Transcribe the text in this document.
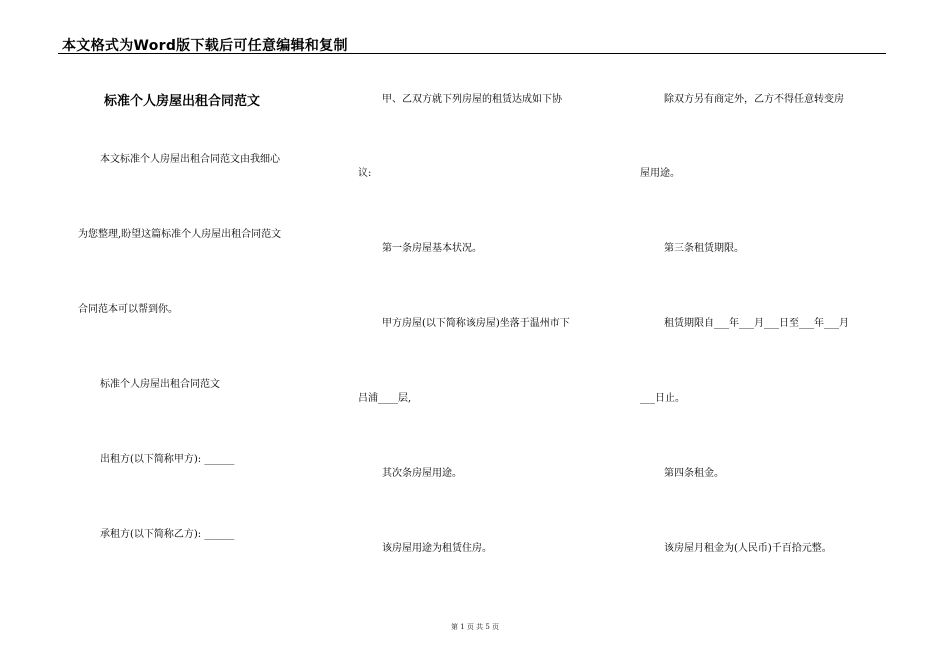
本文格式为Word版下载后可任意编辑和复制
标准个人房屋出租合同范文
本文标准个人房屋出租合同范文由我细心
为您整理,盼望这篇标准个人房屋出租合同范文
合同范本可以帮到你。
标准个人房屋出租合同范文
出租方(以下简称甲方): ______
承租方(以下简称乙方): ______
甲、乙双方就下列房屋的租赁达成如下协
议:
第一条房屋基本状况。
甲方房屋(以下简称该房屋)坐落于温州市下
吕浦____层,
其次条房屋用途。
该房屋用途为租赁住房。
除双方另有商定外，乙方不得任意转变房
屋用途。
第三条租赁期限。
租赁期限自___年___月___日至___年___月
___日止。
第四条租金。
该房屋月租金为(人民币)千百拾元整。
第 1 页 共 5 页
